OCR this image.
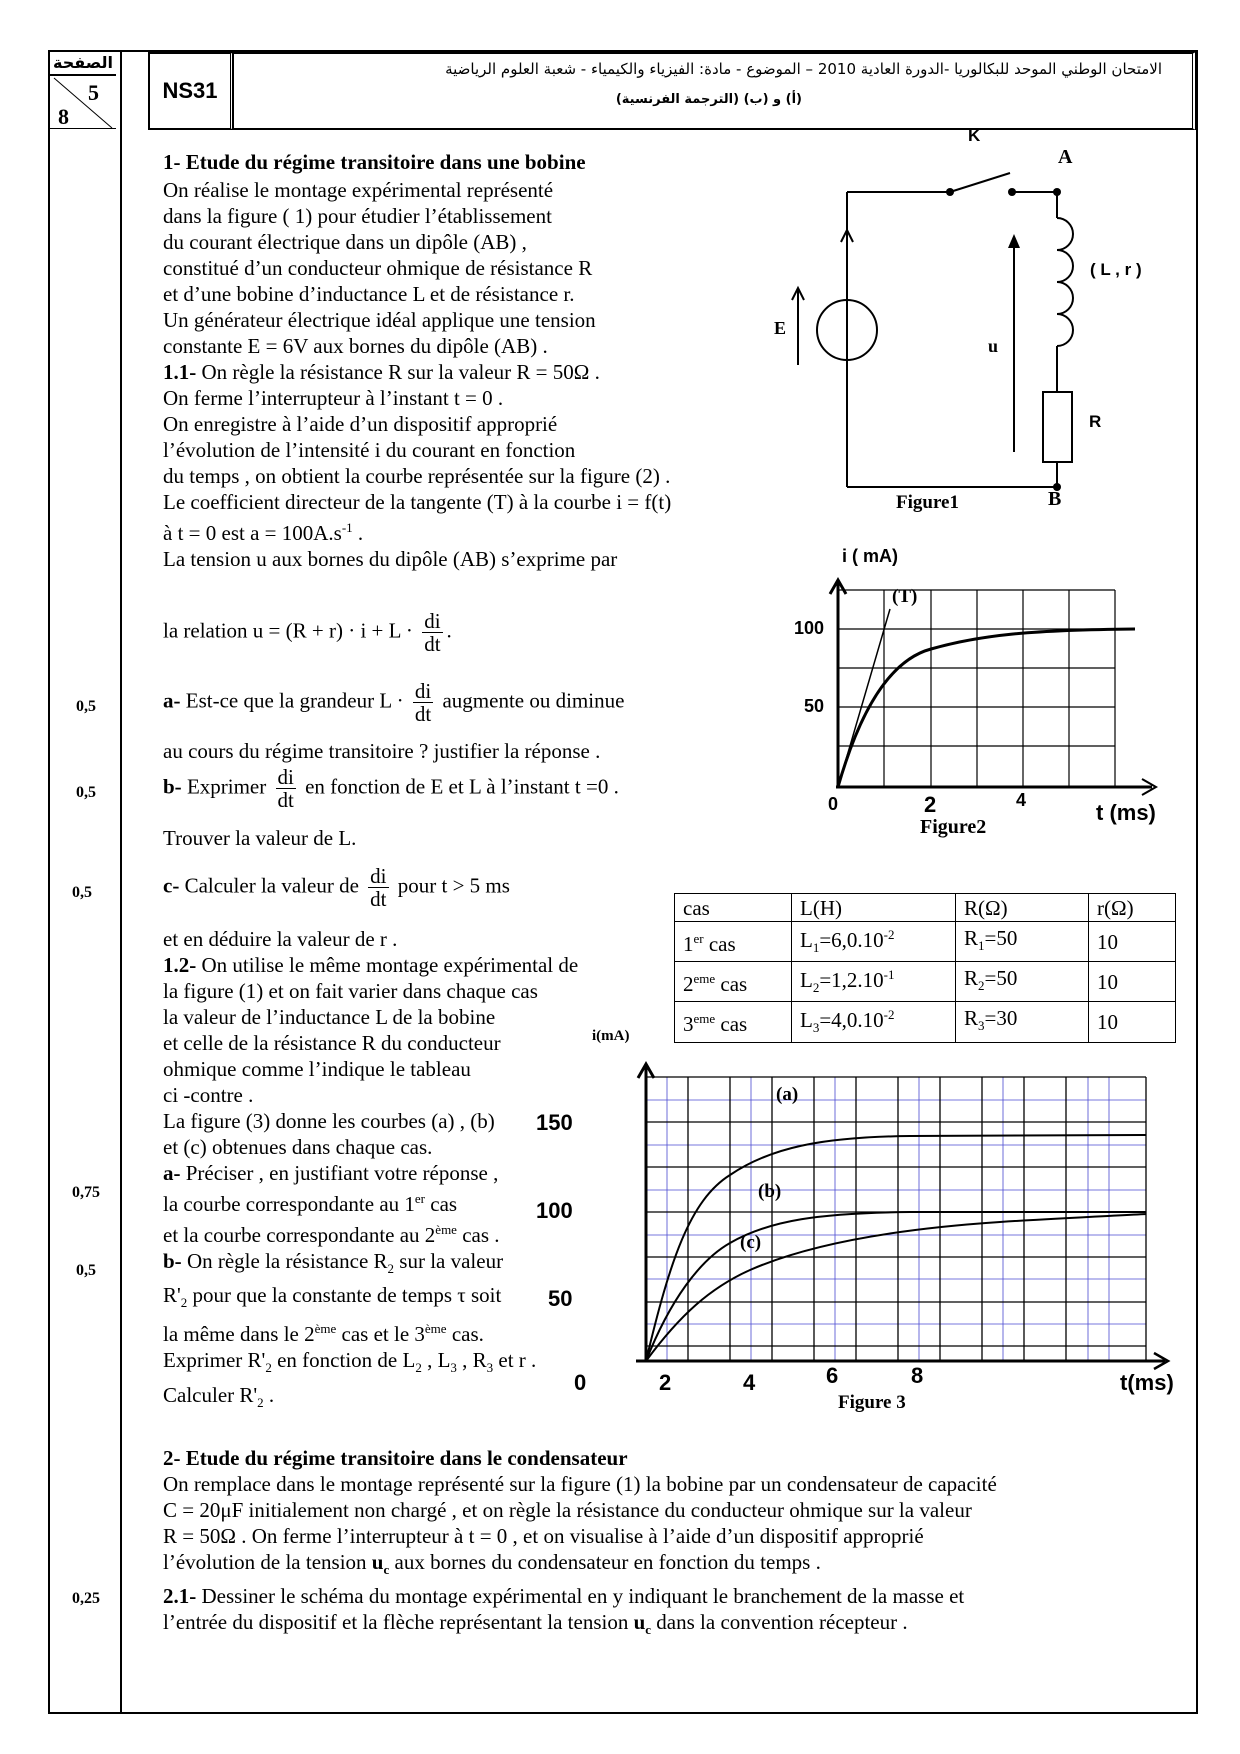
الصفحة
5
8
NS31
الامتحان الوطني الموحد للبكالوريا -الدورة العادية 2010 – الموضوع - مادة: الفيزياء والكيمياء - شعبة العلوم الرياضية
(أ) و (ب) (الترجمة الفرنسية)
0,5
0,5
0,5
0,75
0,5
0,25
1- Etude du régime transitoire dans une bobine
On réalise le montage expérimental représenté
dans la figure ( 1) pour étudier l’établissement
du courant électrique dans un dipôle (AB) ,
constitué d’un conducteur ohmique de résistance R
et d’une bobine d’inductance L et de résistance r.
Un générateur électrique idéal applique une tension
constante E = 6V aux bornes du dipôle (AB) .
1.1- On règle la résistance R sur la valeur R = 50Ω .
On ferme l’interrupteur à l’instant t = 0 .
On enregistre à l’aide d’un dispositif approprié
l’évolution de l’intensité i du courant en fonction
du temps , on obtient la courbe représentée sur la figure (2) .
Le coefficient directeur de la tangente (T) à la courbe i = f(t)
à t = 0 est $a = 100A.s^{-1}$ .
La tension u aux bornes du dipôle (AB) s’exprime par
la relation $u = (R + r) \cdot i + L \cdot \frac{di}{dt}$ .
a- Est-ce que la grandeur $L \cdot \frac{di}{dt}$ augmente ou diminue
au cours du régime transitoire ? justifier la réponse .
b- Exprimer $\frac{di}{dt}$ en fonction de E et L à l’instant t =0 .
Trouver la valeur de L.
c- Calculer la valeur de $\frac{di}{dt}$ pour t > 5 ms
et en déduire la valeur de r .
1.2- On utilise le même montage expérimental de
la figure (1) et on fait varier dans chaque cas
la valeur de l’inductance L de la bobine
et celle de la résistance R du conducteur
ohmique comme l’indique le tableau
ci -contre .
La figure (3) donne les courbes (a) , (b)
et (c) obtenues dans chaque cas.
a- Préciser , en justifiant votre réponse ,
la courbe correspondante au 1er cas
et la courbe correspondante au 2ème cas .
b- On règle la résistance $R_2$ sur la valeur
$R'_2$ pour que la constante de temps τ soit
la même dans le 2ème cas et le 3ème cas.
Exprimer $R'_2$ en fonction de $L_2$ , $L_3$ , $R_3$ et r .
Calculer $R'_2$ .
K
A
( L , r )
E
u
R
Figure1	B
i ( mA)
(T)
100
50
0	2	4	t (ms)
Figure2
cas	L(H)	R(Ω)	r(Ω)
1er cas	$L_1=6,0.10^{-2}$	$R_1=50$	10
2eme cas	$L_2=1,2.10^{-1}$	$R_2=50$	10
3eme cas	$L_3=4,0.10^{-2}$	$R_3=30$	10
i(mA)
(a)
(b)
(c)
150
100
50
0	2	4	6	8	t(ms)
Figure 3
2- Etude du régime transitoire dans le condensateur
On remplace dans le montage représenté sur la figure (1) la bobine par un condensateur de capacité
C = 20μF initialement non chargé , et on règle la résistance du conducteur ohmique sur la valeur
R = 50Ω . On ferme l’interrupteur à t = 0 , et on visualise à l’aide d’un dispositif approprié
l’évolution de la tension $u_c$ aux bornes du condensateur en fonction du temps .
2.1- Dessiner le schéma du montage expérimental en y indiquant le branchement de la masse et
l’entrée du dispositif et la flèche représentant la tension $u_c$ dans la convention récepteur .
